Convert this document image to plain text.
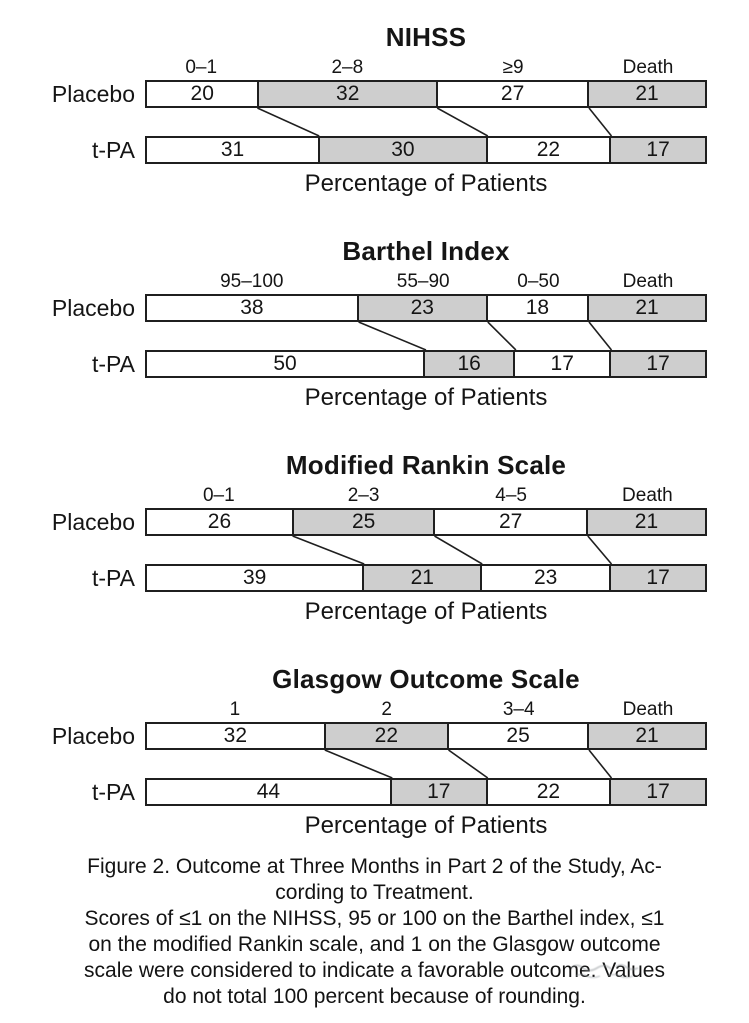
NIHSS
0–1	2–8	≥9	Death
Placebo	20	32	27	21
t-PA	31	30	22	17
Percentage of Patients
Barthel Index
95–100	55–90	0–50	Death
Placebo	38	23	18	21
t-PA	50	16	17	17
Percentage of Patients
Modified Rankin Scale
0–1	2–3	4–5	Death
Placebo	26	25	27	21
t-PA	39	21	23	17
Percentage of Patients
Glasgow Outcome Scale
1	2	3–4	Death
Placebo	32	22	25	21
t-PA	44	17	22	17
Percentage of Patients

Figure 2. Outcome at Three Months in Part 2 of the Study, Ac-

cording to Treatment.

Scores of ≤1 on the NIHSS, 95 or 100 on the Barthel index, ≤1

on the modified Rankin scale, and 1 on the Glasgow outcome

scale were considered to indicate a favorable outcome. Values

do not total 100 percent because of rounding.
